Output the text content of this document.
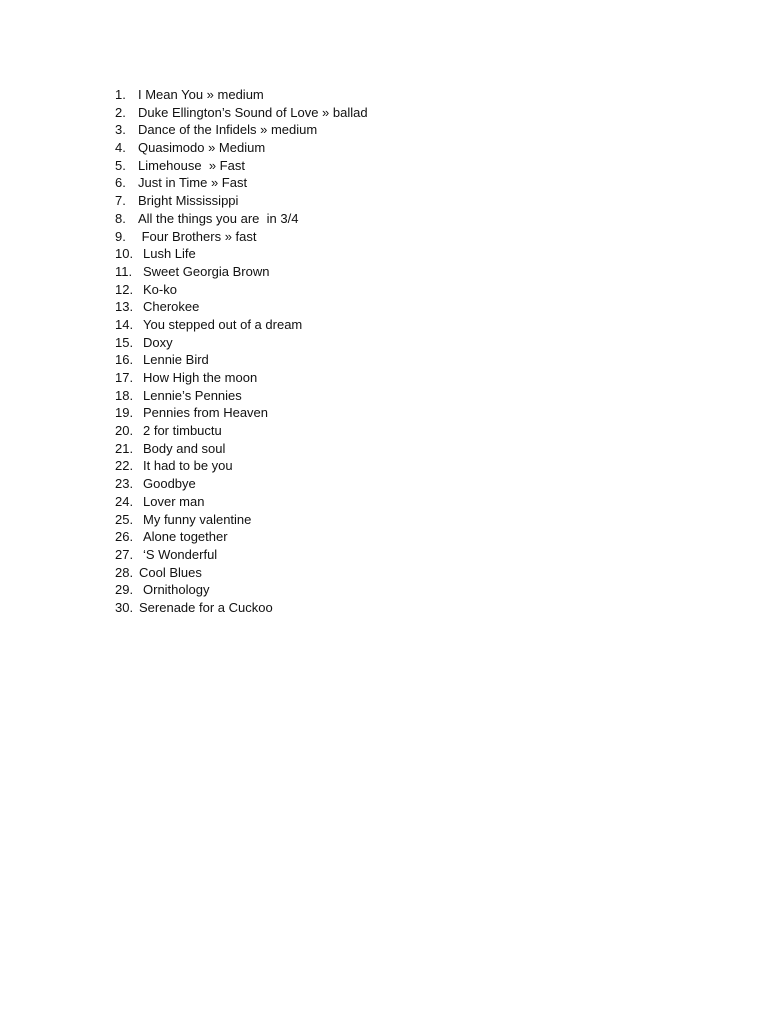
1. I Mean You » medium
2. Duke Ellington’s Sound of Love » ballad
3. Dance of the Infidels » medium
4. Quasimodo » Medium
5. Limehouse  » Fast
6. Just in Time » Fast
7. Bright Mississippi
8. All the things you are  in 3/4
9. Four Brothers » fast
10. Lush Life
11. Sweet Georgia Brown
12. Ko-ko
13. Cherokee
14. You stepped out of a dream
15. Doxy
16. Lennie Bird
17. How High the moon
18. Lennie’s Pennies
19. Pennies from Heaven
20. 2 for timbuctu
21. Body and soul
22. It had to be you
23. Goodbye
24. Lover man
25. My funny valentine
26. Alone together
27. ‘S Wonderful
28. Cool Blues
29. Ornithology
30. Serenade for a Cuckoo
